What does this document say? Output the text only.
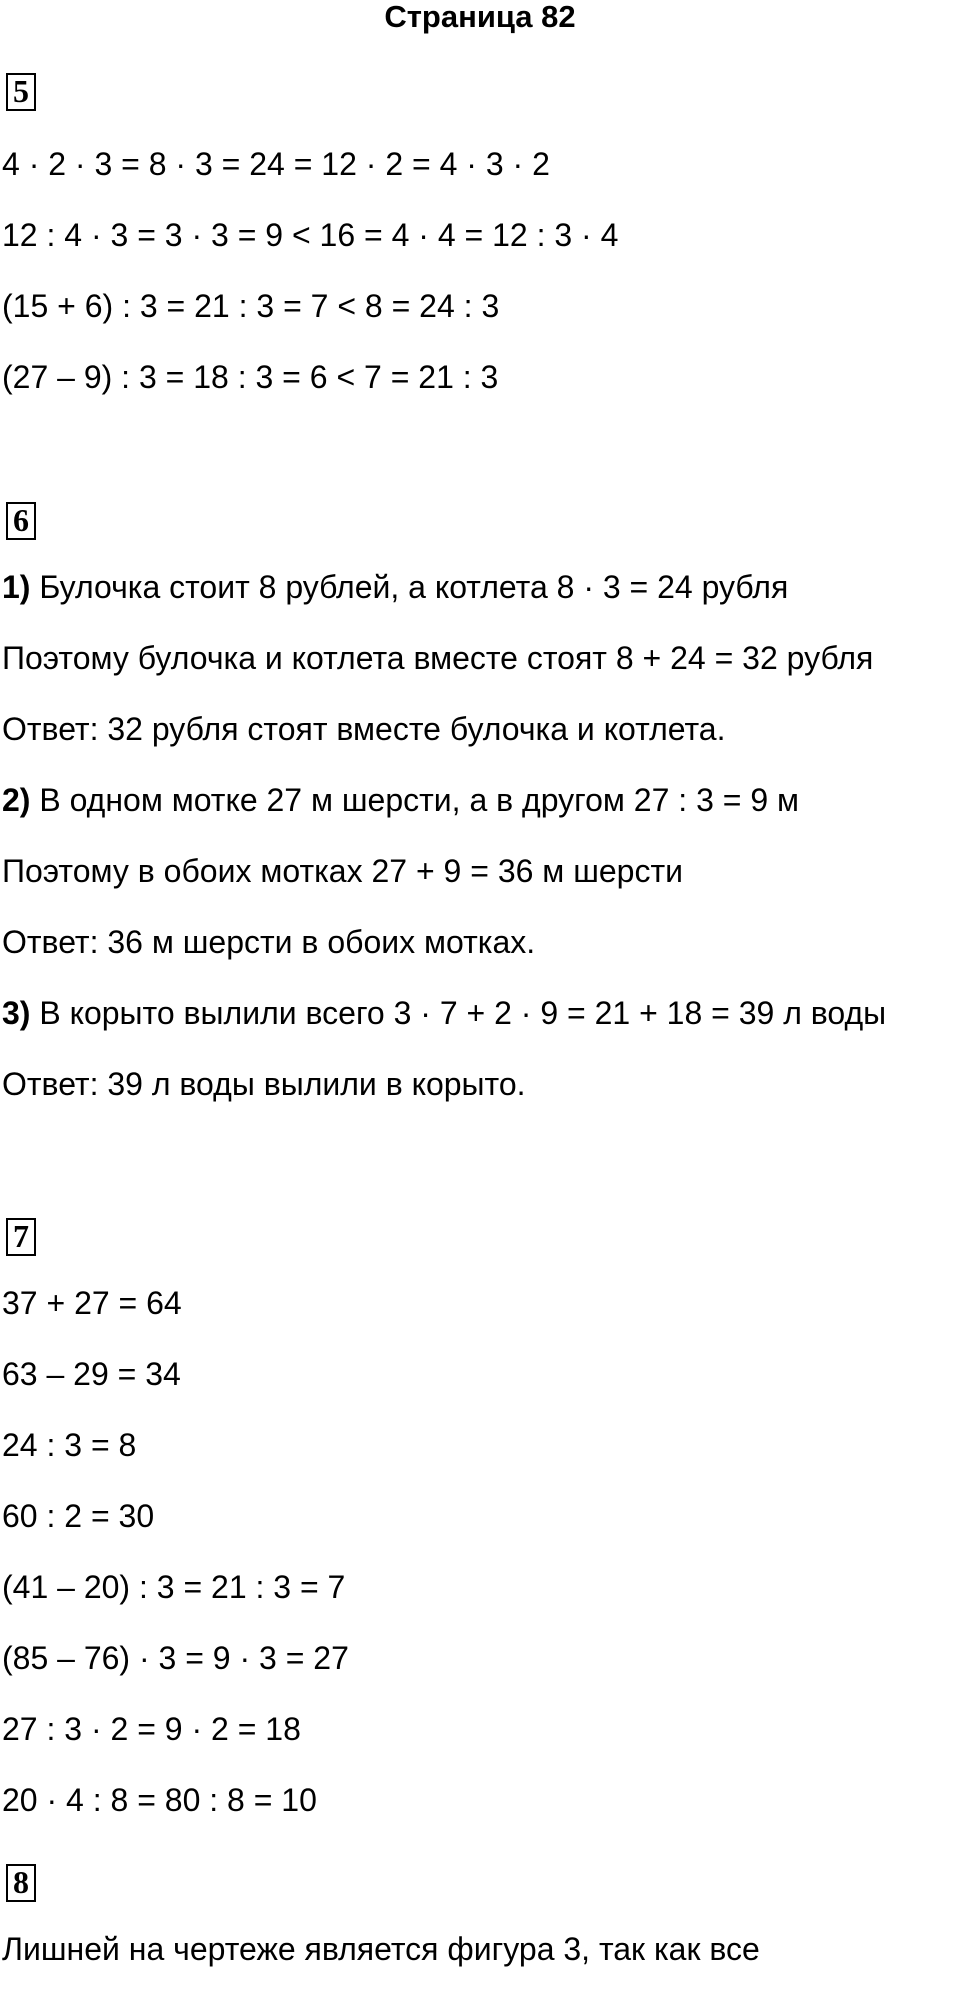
Страница 82
5
4 · 2 · 3 = 8 · 3 = 24 = 12 · 2 = 4 · 3 · 2
12 : 4 · 3 = 3 · 3 = 9 < 16 = 4 · 4 = 12 : 3 · 4
(15 + 6) : 3 = 21 : 3 = 7 < 8 = 24 : 3
(27 – 9) : 3 = 18 : 3 = 6 < 7 = 21 : 3
6
1) Булочка стоит 8 рублей, а котлета 8 · 3 = 24 рубля
Поэтому булочка и котлета вместе стоят 8 + 24 = 32 рубля
Ответ: 32 рубля стоят вместе булочка и котлета.
2) В одном мотке 27 м шерсти, а в другом 27 : 3 = 9 м
Поэтому в обоих мотках 27 + 9 = 36 м шерсти
Ответ: 36 м шерсти в обоих мотках.
3) В корыто вылили всего 3 · 7 + 2 · 9 = 21 + 18 = 39 л воды
Ответ: 39 л воды вылили в корыто.
7
37 + 27 = 64
63 – 29 = 34
24 : 3 = 8
60 : 2 = 30
(41 – 20) : 3 = 21 : 3 = 7
(85 – 76) · 3 = 9 · 3 = 27
27 : 3 · 2 = 9 · 2 = 18
20 · 4 : 8 = 80 : 8 = 10
8
Лишней на чертеже является фигура 3, так как все
